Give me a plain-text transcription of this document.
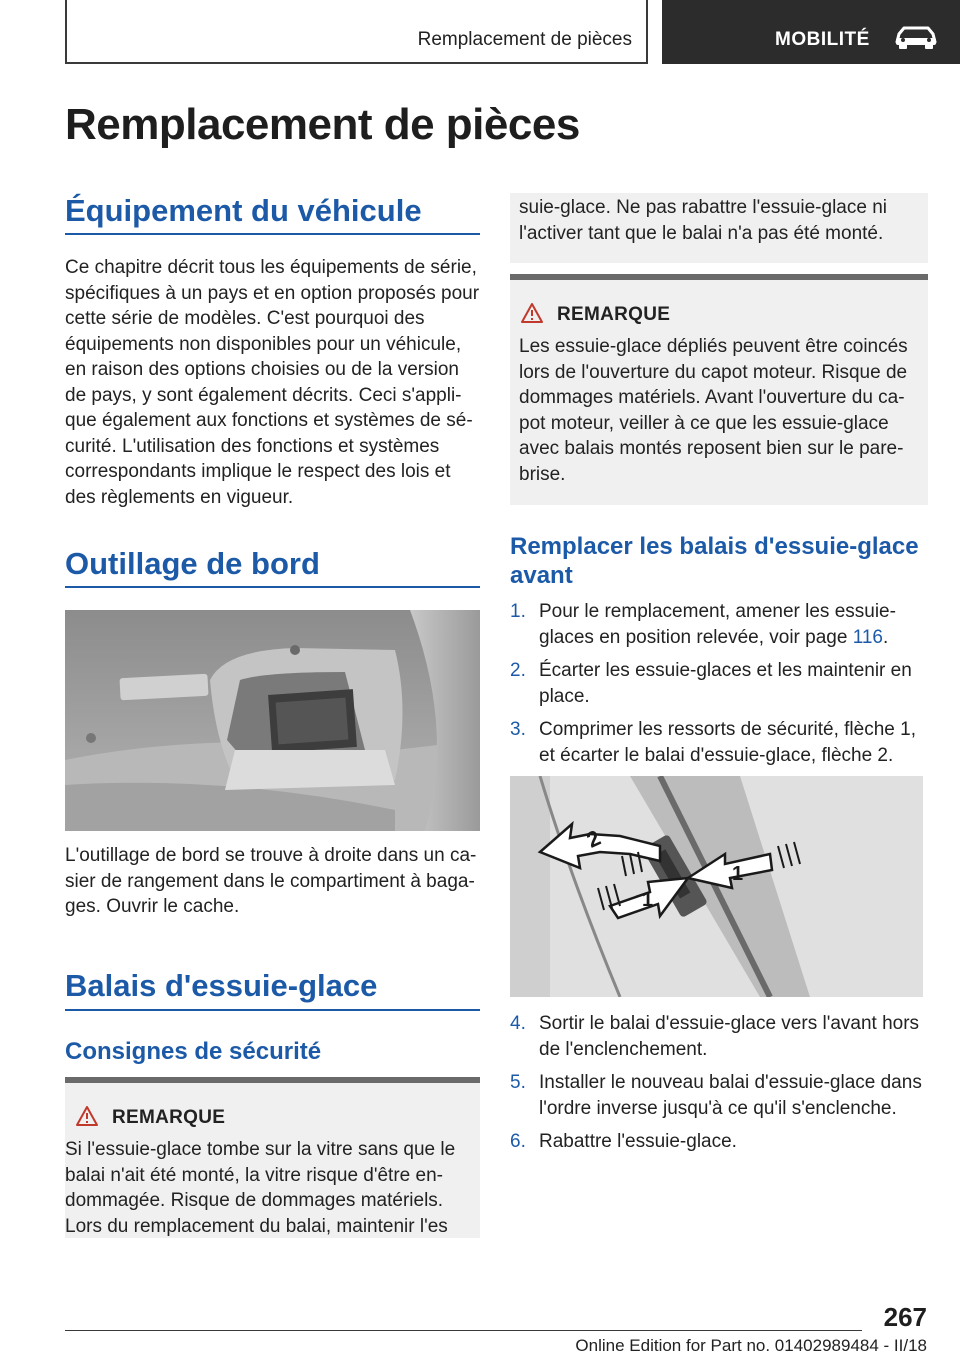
Remplacement de pièces	MOBILITÉ
Remplacement de pièces
Équipement du véhicule
Ce chapitre décrit tous les équipements de série, spécifiques à un pays et en option proposés pour cette série de modèles. C'est pourquoi des équipements non disponibles pour un véhicule, en raison des options choisies ou de la version de pays, y sont également décrits. Ceci s'applique également aux fonctions et systèmes de sécurité. L'utilisation des fonctions et systèmes correspondants implique le respect des lois et des règlements en vigueur.
Outillage de bord
L'outillage de bord se trouve à droite dans un casier de rangement dans le compartiment à bagages. Ouvrir le cache.
Balais d'essuie-glace
Consignes de sécurité
REMARQUE
Si l'essuie-glace tombe sur la vitre sans que le balai n'ait été monté, la vitre risque d'être endommagée. Risque de dommages matériels. Lors du remplacement du balai, maintenir l'es
suie-glace. Ne pas rabattre l'essuie-glace ni l'activer tant que le balai n'a pas été monté.
REMARQUE
Les essuie-glace dépliés peuvent être coincés lors de l'ouverture du capot moteur. Risque de dommages matériels. Avant l'ouverture du capot moteur, veiller à ce que les essuie-glace avec balais montés reposent bien sur le pare-brise.
Remplacer les balais d'essuie-glace avant
1. Pour le remplacement, amener les essuie-glaces en position relevée, voir page 116.
2. Écarter les essuie-glaces et les maintenir en place.
3. Comprimer les ressorts de sécurité, flèche 1, et écarter le balai d'essuie-glace, flèche 2.
2
1
1
4. Sortir le balai d'essuie-glace vers l'avant hors de l'enclenchement.
5. Installer le nouveau balai d'essuie-glace dans l'ordre inverse jusqu'à ce qu'il s'enclenche.
6. Rabattre l'essuie-glace.
267
Online Edition for Part no. 01402989484 - II/18
